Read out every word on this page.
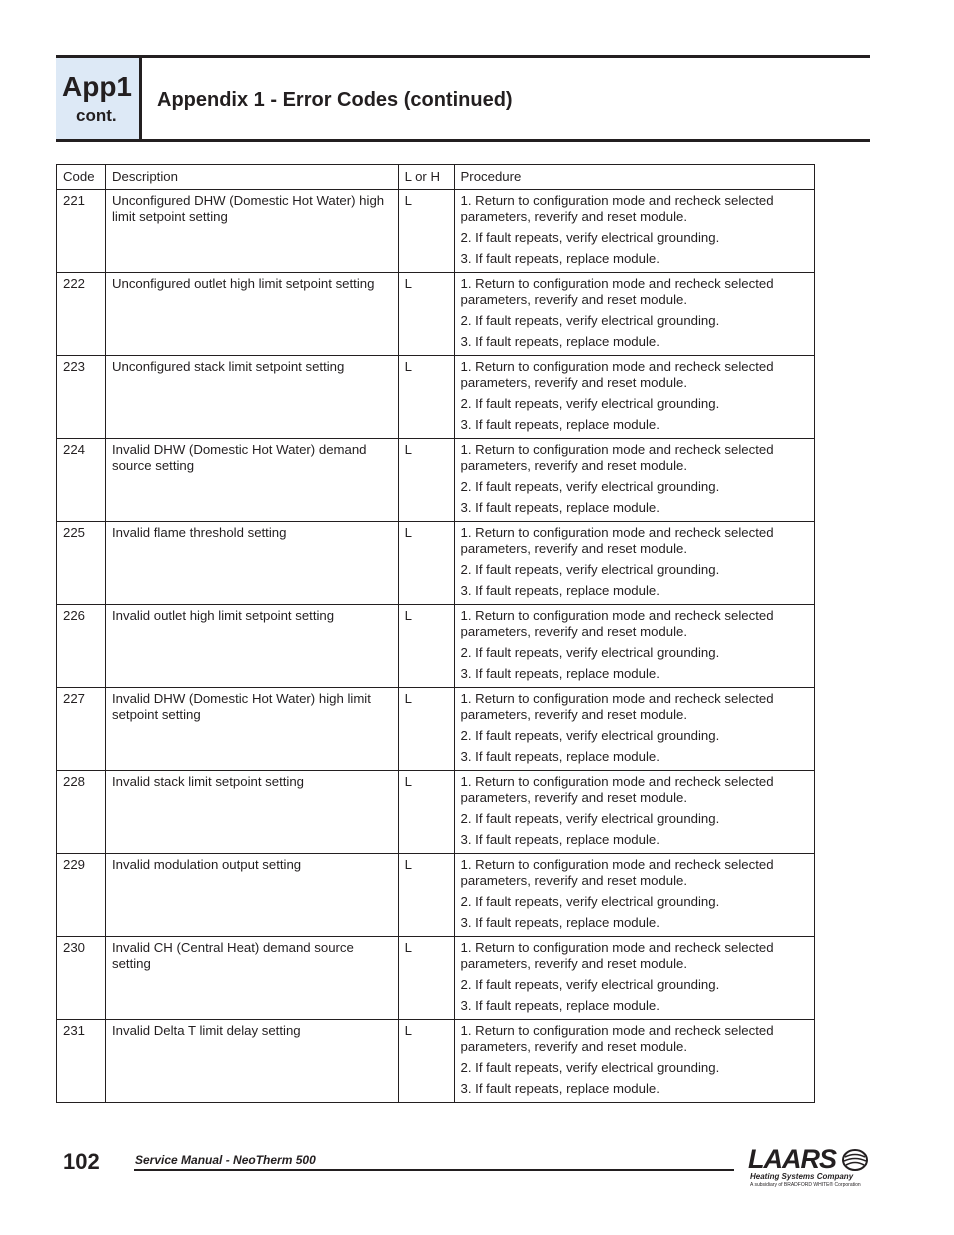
App1
cont.
Appendix 1 - Error Codes (continued)
Code	Description	L or H	Procedure
221	Unconfigured DHW (Domestic Hot Water) high limit setpoint setting	L	1. Return to configuration mode and recheck selected parameters, reverify and reset module.
2. If fault repeats, verify electrical grounding.
3. If fault repeats, replace module.

222	Unconfigured outlet high limit setpoint setting	L	1. Return to configuration mode and recheck selected parameters, reverify and reset module.
2. If fault repeats, verify electrical grounding.
3. If fault repeats, replace module.

223	Unconfigured stack limit setpoint setting	L	1. Return to configuration mode and recheck selected parameters, reverify and reset module.
2. If fault repeats, verify electrical grounding.
3. If fault repeats, replace module.

224	Invalid DHW (Domestic Hot Water) demand source setting	L	1. Return to configuration mode and recheck selected parameters, reverify and reset module.
2. If fault repeats, verify electrical grounding.
3. If fault repeats, replace module.

225	Invalid flame threshold setting	L	1. Return to configuration mode and recheck selected parameters, reverify and reset module.
2. If fault repeats, verify electrical grounding.
3. If fault repeats, replace module.

226	Invalid outlet high limit setpoint setting	L	1. Return to configuration mode and recheck selected parameters, reverify and reset module.
2. If fault repeats, verify electrical grounding.
3. If fault repeats, replace module.

227	Invalid DHW (Domestic Hot Water) high limit setpoint setting	L	1. Return to configuration mode and recheck selected parameters, reverify and reset module.
2. If fault repeats, verify electrical grounding.
3. If fault repeats, replace module.

228	Invalid stack limit setpoint setting	L	1. Return to configuration mode and recheck selected parameters, reverify and reset module.
2. If fault repeats, verify electrical grounding.
3. If fault repeats, replace module.

229	Invalid modulation output setting	L	1. Return to configuration mode and recheck selected parameters, reverify and reset module.
2. If fault repeats, verify electrical grounding.
3. If fault repeats, replace module.

230	Invalid CH (Central Heat) demand source setting	L	1. Return to configuration mode and recheck selected parameters, reverify and reset module.
2. If fault repeats, verify electrical grounding.
3. If fault repeats, replace module.

231	Invalid Delta T limit delay setting	L	1. Return to configuration mode and recheck selected parameters, reverify and reset module.
2. If fault repeats, verify electrical grounding.
3. If fault repeats, replace module.
102	Service Manual - NeoTherm 500	LAARS
Heating Systems Company
A subsidiary of BRADFORD WHITE® Corporation
